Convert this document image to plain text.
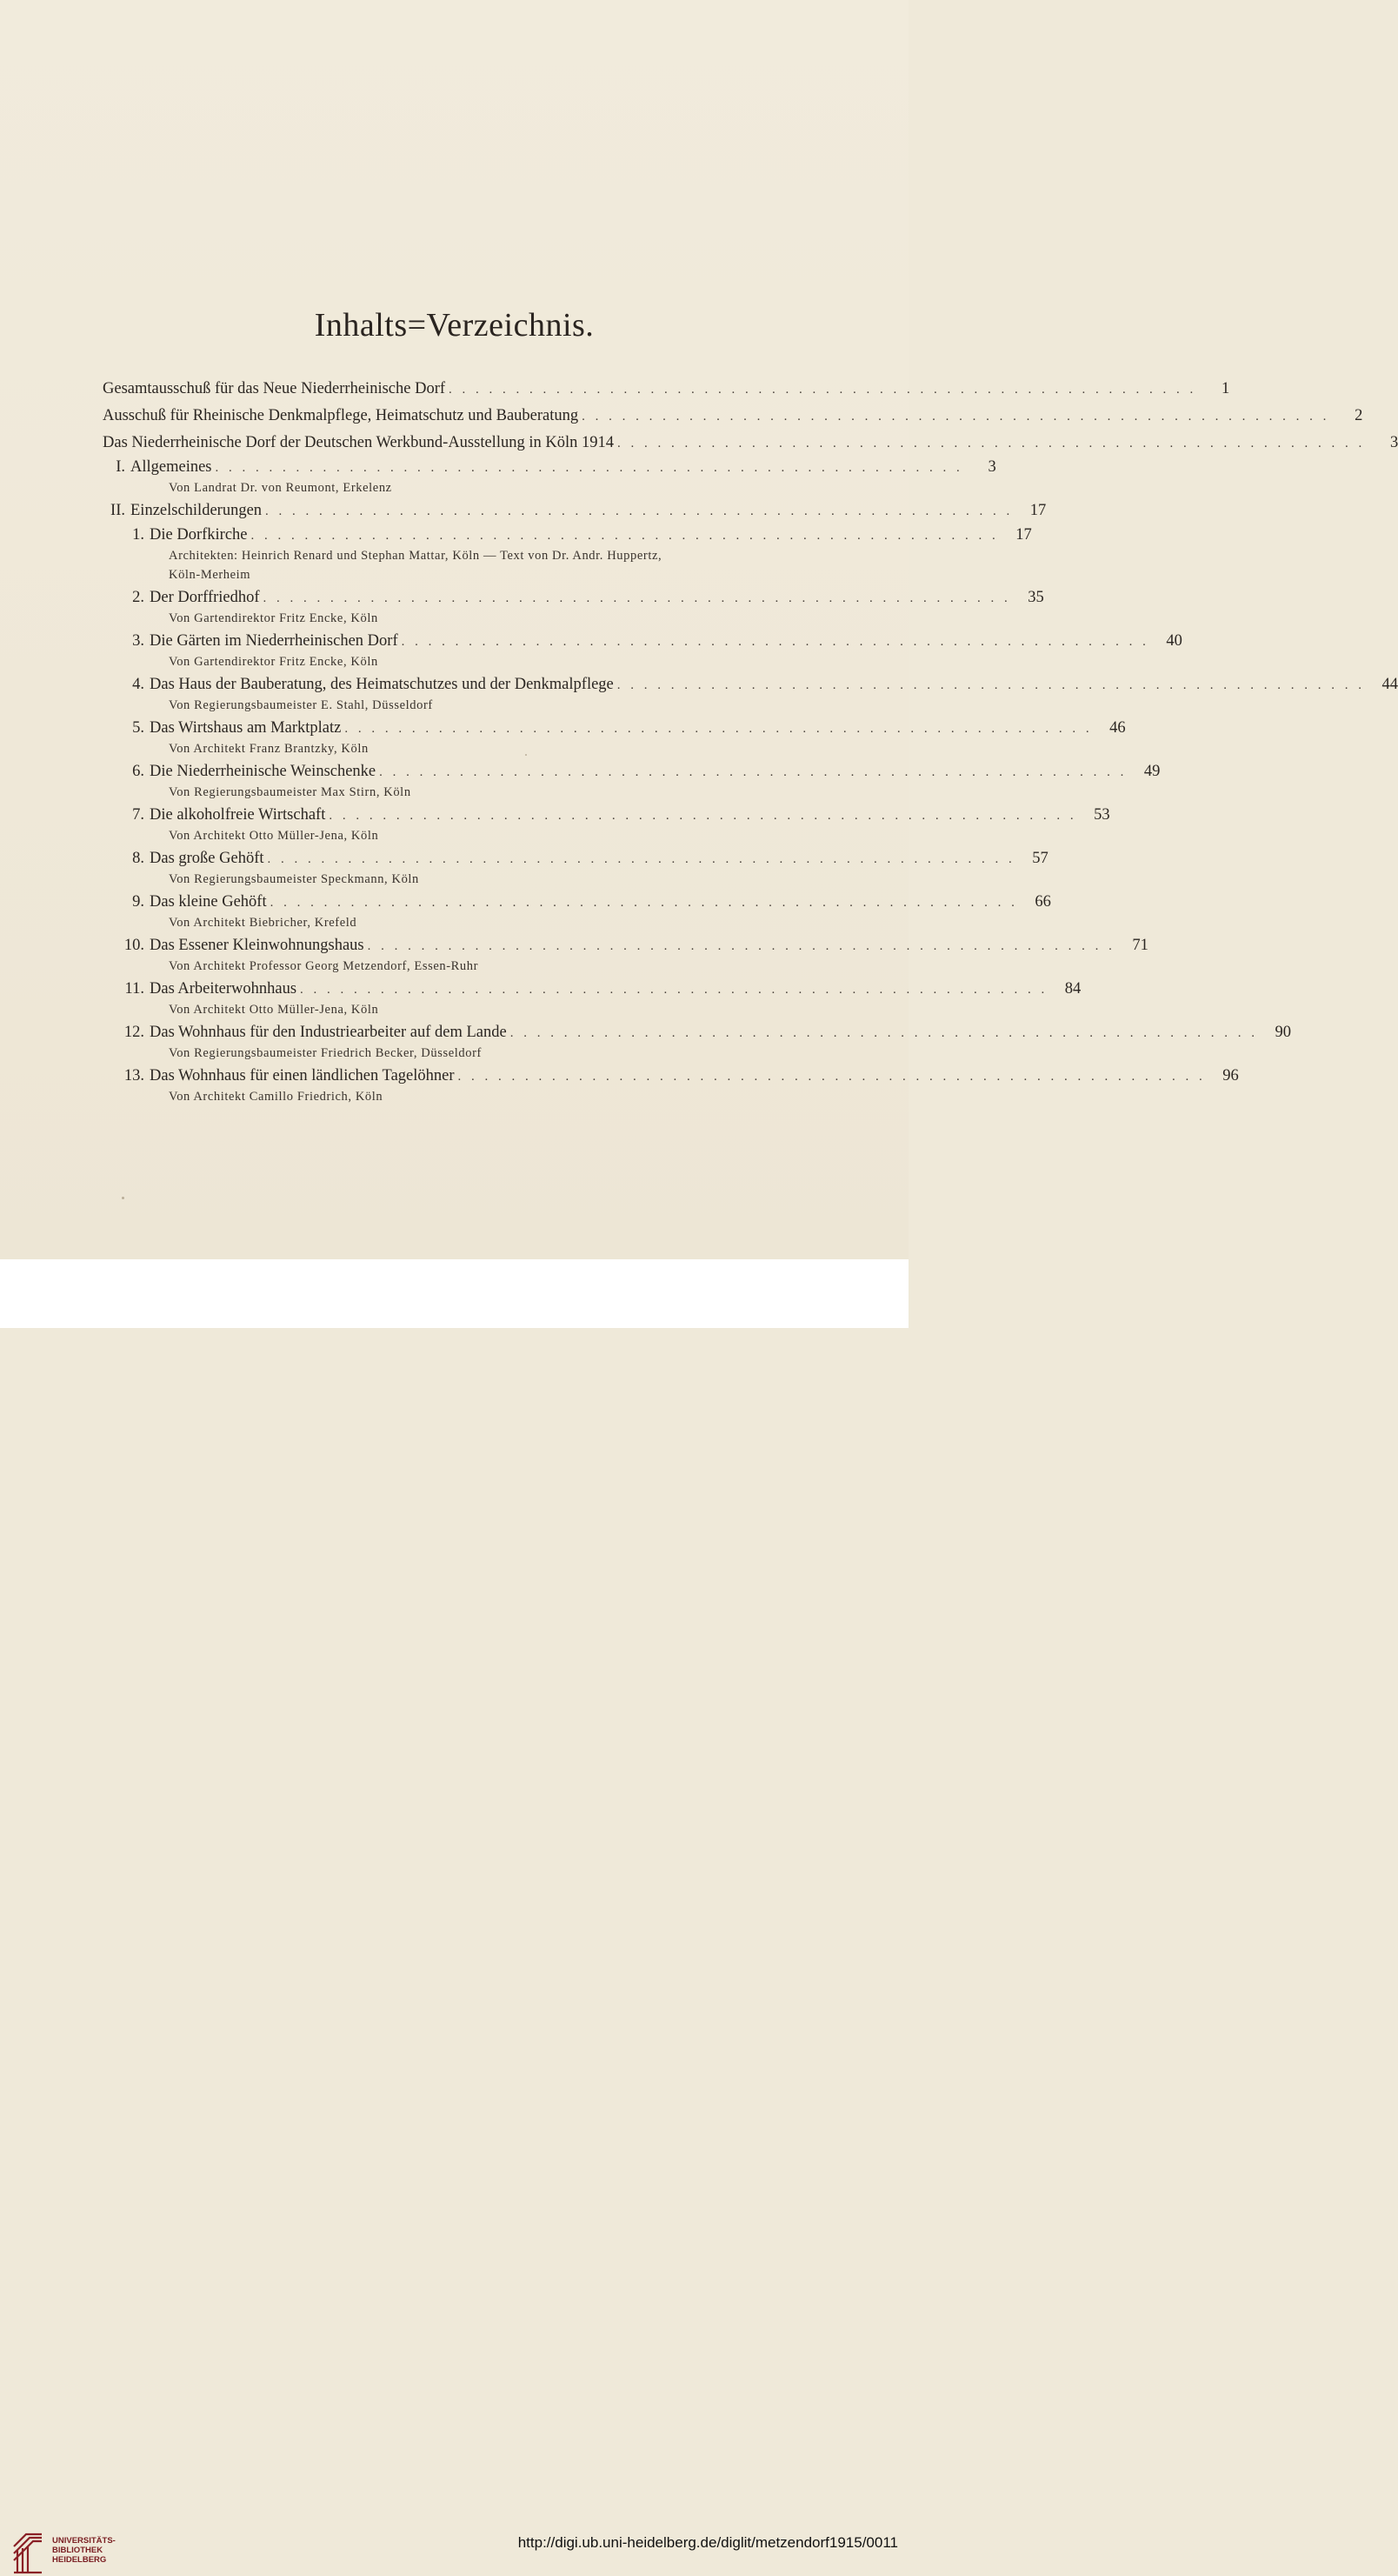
Inhalts=Verzeichnis.
Gesamtausschuß für das Neue Niederrheinische Dorf . . . . . . . . . . . . . . . . . . . . . . . . . . . . . . . . . . . . . . . . . . . . . . . . . . . . . . . .	1
Ausschuß für Rheinische Denkmalpflege, Heimatschutz und Bauberatung . . . . . . . . . . . . . . . . . . . . . . . . . . . . . . . . . . . . . . . . . . . . . . . . . . . . . . . .	2
Das Niederrheinische Dorf der Deutschen Werkbund-Ausstellung in Köln 1914 . . . . . . . . . . . . . . . . . . . . . . . . . . . . . . . . . . . . . . . . . . . . . . . . . . . . . . . .	3
I. Allgemeines . . . . . . . . . . . . . . . . . . . . . . . . . . . . . . . . . . . . . . . . . . . . . . . . . . . . . . . .	3
Von Landrat Dr. von Reumont, Erkelenz
II. Einzelschilderungen . . . . . . . . . . . . . . . . . . . . . . . . . . . . . . . . . . . . . . . . . . . . . . . . . . . . . . . .	17
1. Die Dorfkirche . . . . . . . . . . . . . . . . . . . . . . . . . . . . . . . . . . . . . . . . . . . . . . . . . . . . . . . .	17
Architekten: Heinrich Renard und Stephan Mattar, Köln — Text von Dr. Andr. Huppertz, Köln-Merheim
2. Der Dorffriedhof . . . . . . . . . . . . . . . . . . . . . . . . . . . . . . . . . . . . . . . . . . . . . . . . . . . . . . . .	35
Von Gartendirektor Fritz Encke, Köln
3. Die Gärten im Niederrheinischen Dorf . . . . . . . . . . . . . . . . . . . . . . . . . . . . . . . . . . . . . . . . . . . . . . . . . . . . . . . .	40
Von Gartendirektor Fritz Encke, Köln
4. Das Haus der Bauberatung, des Heimatschutzes und der Denkmalpflege . . . . . . . . . . . . . . . . . . . . . . . . . . . . . . . . . . . . . . . . . . . . . . . . . . . . . . . .	44
Von Regierungsbaumeister E. Stahl, Düsseldorf
5. Das Wirtshaus am Marktplatz . . . . . . . . . . . . . . . . . . . . . . . . . . . . . . . . . . . . . . . . . . . . . . . . . . . . . . . .	46
Von Architekt Franz Brantzky, Köln
6. Die Niederrheinische Weinschenke . . . . . . . . . . . . . . . . . . . . . . . . . . . . . . . . . . . . . . . . . . . . . . . . . . . . . . . .	49
Von Regierungsbaumeister Max Stirn, Köln
7. Die alkoholfreie Wirtschaft . . . . . . . . . . . . . . . . . . . . . . . . . . . . . . . . . . . . . . . . . . . . . . . . . . . . . . . .	53
Von Architekt Otto Müller-Jena, Köln
8. Das große Gehöft . . . . . . . . . . . . . . . . . . . . . . . . . . . . . . . . . . . . . . . . . . . . . . . . . . . . . . . .	57
Von Regierungsbaumeister Speckmann, Köln
9. Das kleine Gehöft . . . . . . . . . . . . . . . . . . . . . . . . . . . . . . . . . . . . . . . . . . . . . . . . . . . . . . . .	66
Von Architekt Biebricher, Krefeld
10. Das Essener Kleinwohnungshaus . . . . . . . . . . . . . . . . . . . . . . . . . . . . . . . . . . . . . . . . . . . . . . . . . . . . . . . .	71
Von Architekt Professor Georg Metzendorf, Essen-Ruhr
11. Das Arbeiterwohnhaus . . . . . . . . . . . . . . . . . . . . . . . . . . . . . . . . . . . . . . . . . . . . . . . . . . . . . . . .	84
Von Architekt Otto Müller-Jena, Köln
12. Das Wohnhaus für den Industriearbeiter auf dem Lande . . . . . . . . . . . . . . . . . . . . . . . . . . . . . . . . . . . . . . . . . . . . . . . . . . . . . . . .	90
Von Regierungsbaumeister Friedrich Becker, Düsseldorf
13. Das Wohnhaus für einen ländlichen Tagelöhner . . . . . . . . . . . . . . . . . . . . . . . . . . . . . . . . . . . . . . . . . . . . . . . . . . . . . . . .	96
Von Architekt Camillo Friedrich, Köln
UNIVERSITÄTS-
BIBLIOTHEK
HEIDELBERG
http://digi.ub.uni-heidelberg.de/diglit/metzendorf1915/0011
